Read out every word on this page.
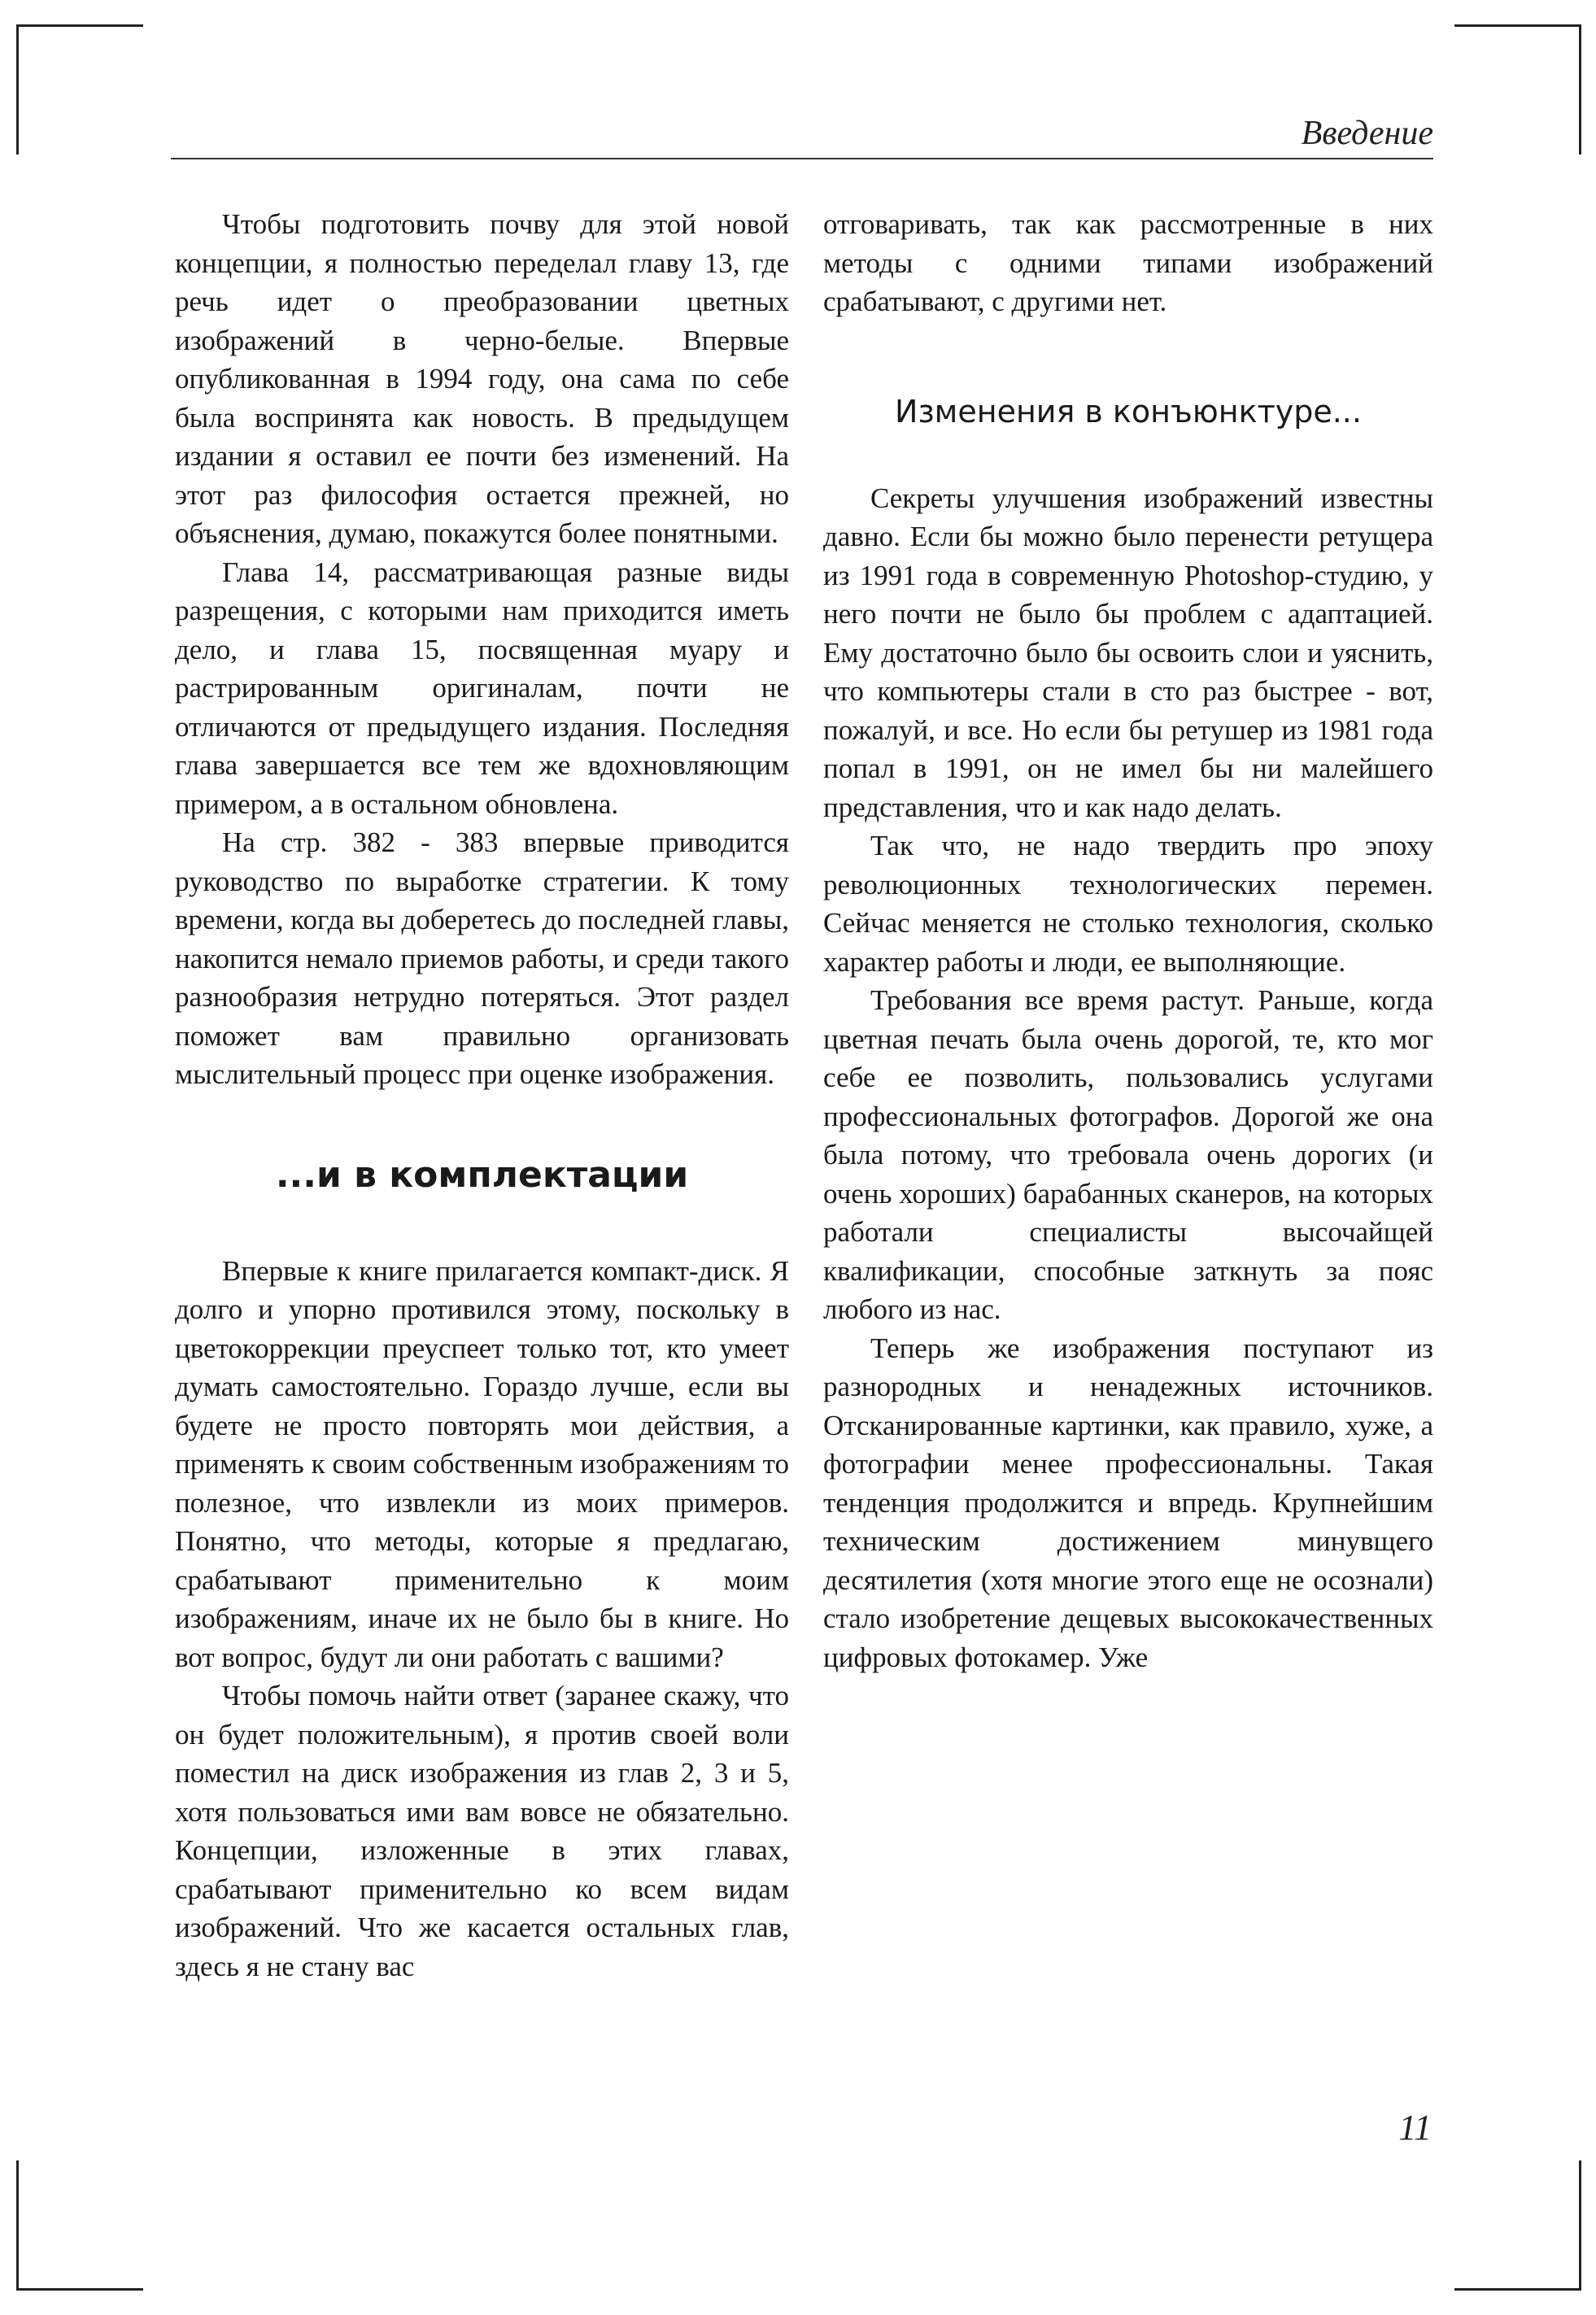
Введение

Чтобы подготовить почву для этой новой концепции, я полностью переделал главу 13, где речь идет о преобразовании цветных изображений в черно-белые. Впервые опубликованная в 1994 году, она сама по себе была воспринята как новость. В предыдущем издании я оставил ее почти без изменений. На этот раз философия остается прежней, но объяснения, думаю, покажутся более понятными.

Глава 14, рассматривающая разные виды разрещения, с которыми нам приходится иметь дело, и глава 15, посвященная муару и растрированным оригиналам, почти не отличаются от предыдущего издания. Последняя глава завершается все тем же вдохновляющим примером, а в остальном обновлена.

На стр. 382 - 383 впервые приводится руководство по выработке стратегии. К тому времени, когда вы доберетесь до последней главы, накопится немало приемов работы, и среди такого разнообразия нетрудно потеряться. Этот раздел поможет вам правильно организовать мыслительный процесс при оценке изображения.

...и в комплектации

Впервые к книге прилагается компакт-диск. Я долго и упорно противился этому, поскольку в цветокоррекции преуспеет только тот, кто умеет думать самостоятельно. Гораздо лучше, если вы будете не просто повторять мои действия, а применять к своим собственным изображениям то полезное, что извлекли из моих примеров. Понятно, что методы, которые я предлагаю, срабатывают применительно к моим изображениям, иначе их не было бы в книге. Но вот вопрос, будут ли они работать с вашими?

Чтобы помочь найти ответ (заранее скажу, что он будет положительным), я против своей воли поместил на диск изображения из глав 2, 3 и 5, хотя пользоваться ими вам вовсе не обязательно. Концепции, изложенные в этих главах, срабатывают применительно ко всем видам изображений. Что же касается остальных глав, здесь я не стану вас

отговаривать, так как рассмотренные в них методы с одними типами изображений срабатывают, с другими нет.

Изменения в конъюнктуре...

Секреты улучшения изображений известны давно. Если бы можно было перенести ретущера из 1991 года в современную Photoshop-студию, у него почти не было бы проблем с адаптацией. Ему достаточно было бы освоить слои и уяснить, что компьютеры стали в сто раз быстрее - вот, пожалуй, и все. Но если бы ретушер из 1981 года попал в 1991, он не имел бы ни малейшего представления, что и как надо делать.

Так что, не надо твердить про эпоху революционных технологических перемен. Сейчас меняется не столько технология, сколько характер работы и люди, ее выполняющие.

Требования все время растут. Раньше, когда цветная печать была очень дорогой, те, кто мог себе ее позволить, пользовались услугами профессиональных фотографов. Дорогой же она была потому, что требовала очень дорогих (и очень хороших) барабанных сканеров, на которых работали специалисты высочайщей квалификации, способные заткнуть за пояс любого из нас.

Теперь же изображения поступают из разнородных и ненадежных источников. Отсканированные картинки, как правило, хуже, а фотографии менее профессиональны. Такая тенденция продолжится и впредь. Крупнейшим техническим достижением минувщего десятилетия (хотя многие этого еще не осознали) стало изобретение дещевых высококачественных цифровых фотокамер. Уже

11
